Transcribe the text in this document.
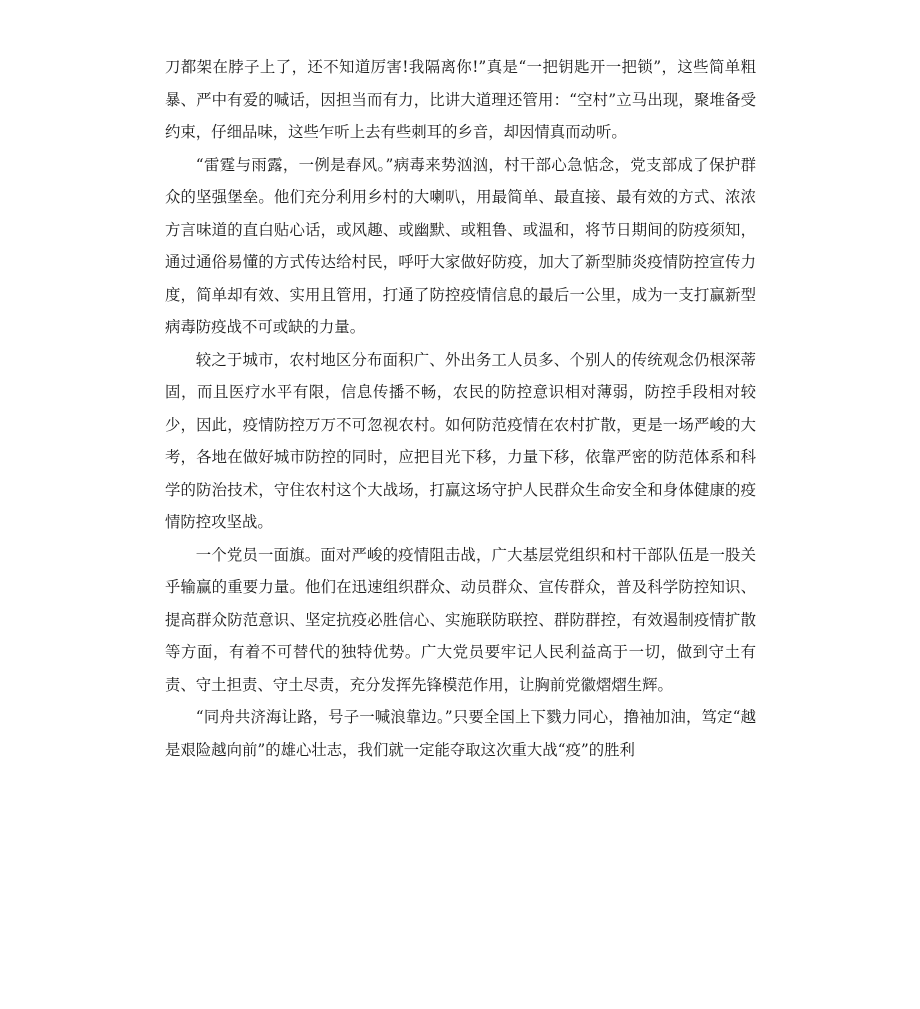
刀都架在脖子上了，还不知道厉害!我隔离你!”真是“一把钥匙开一把锁”，这些简单粗暴、严中有爱的喊话，因担当而有力，比讲大道理还管用：“空村”立马出现，聚堆备受约束，仔细品味，这些乍听上去有些刺耳的乡音，却因情真而动听。

“雷霆与雨露，一例是春风。”病毒来势汹汹，村干部心急惦念，党支部成了保护群众的坚强堡垒。他们充分利用乡村的大喇叭，用最简单、最直接、最有效的方式、浓浓方言味道的直白贴心话，或风趣、或幽默、或粗鲁、或温和，将节日期间的防疫须知，通过通俗易懂的方式传达给村民，呼吁大家做好防疫，加大了新型肺炎疫情防控宣传力度，简单却有效、实用且管用，打通了防控疫情信息的最后一公里，成为一支打赢新型病毒防疫战不可或缺的力量。

较之于城市，农村地区分布面积广、外出务工人员多、个别人的传统观念仍根深蒂固，而且医疗水平有限，信息传播不畅，农民的防控意识相对薄弱，防控手段相对较少，因此，疫情防控万万不可忽视农村。如何防范疫情在农村扩散，更是一场严峻的大考，各地在做好城市防控的同时，应把目光下移，力量下移，依靠严密的防范体系和科学的防治技术，守住农村这个大战场，打赢这场守护人民群众生命安全和身体健康的疫情防控攻坚战。

一个党员一面旗。面对严峻的疫情阻击战，广大基层党组织和村干部队伍是一股关乎输赢的重要力量。他们在迅速组织群众、动员群众、宣传群众，普及科学防控知识、提高群众防范意识、坚定抗疫必胜信心、实施联防联控、群防群控，有效遏制疫情扩散等方面，有着不可替代的独特优势。广大党员要牢记人民利益高于一切，做到守土有责、守土担责、守土尽责，充分发挥先锋模范作用，让胸前党徽熠熠生辉。

“同舟共济海让路，号子一喊浪靠边。”只要全国上下戮力同心，撸袖加油，笃定“越是艰险越向前”的雄心壮志，我们就一定能夺取这次重大战“疫”的胜利
